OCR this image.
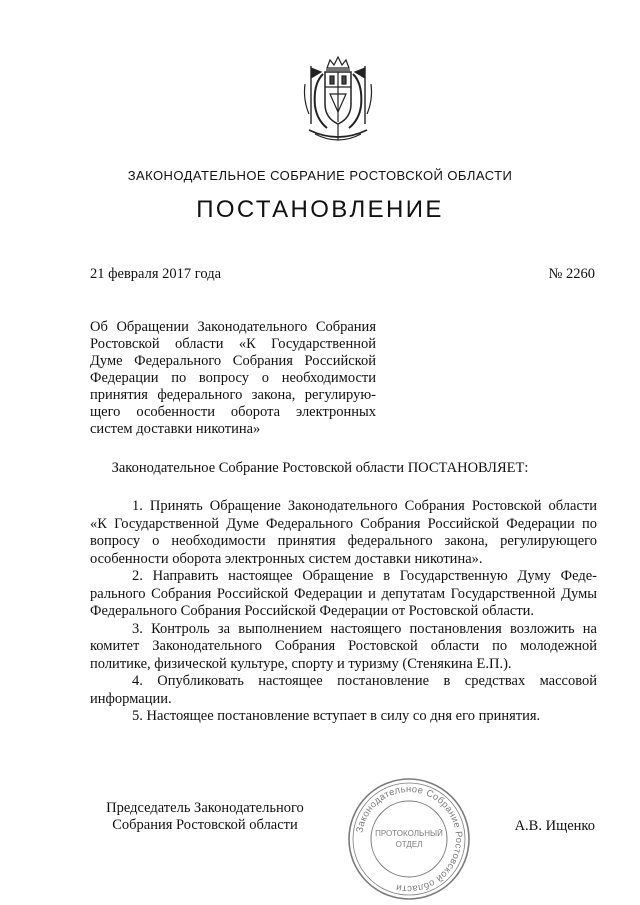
ЗАКОНОДАТЕЛЬНОЕ СОБРАНИЕ РОСТОВСКОЙ ОБЛАСТИ
ПОСТАНОВЛЕНИЕ
21 февраля 2017 года	№ 2260
Об Обращении Законодательного Собрания Ростовской области «К Государственной Думе Федерального Собрания Российской Федерации по вопросу о необходимости принятия федерального закона, регулирующего особенности оборота электронных систем доставки никотина»
Законодательное Собрание Ростовской области ПОСТАНОВЛЯЕТ:

1. Принять Обращение Законодательного Собрания Ростовской области «К Государственной Думе Федерального Собрания Российской Федерации по вопросу о необходимости принятия федерального закона, регулирующего особенности оборота электронных систем доставки никотина».

2. Направить настоящее Обращение в Государственную Думу Федерального Собрания Российской Федерации и депутатам Государственной Думы Федерального Собрания Российской Федерации от Ростовской области.

3. Контроль за выполнением настоящего постановления возложить на комитет Законодательного Собрания Ростовской области по молодежной политике, физической культуре, спорту и туризму (Стенякина Е.П.).

4. Опубликовать настоящее постановление в средствах массовой информации.

5. Настоящее постановление вступает в силу со дня его принятия.

Председатель Законодательного
Собрания Ростовской области	А.В. Ищенко
Законодательное Собрание Ростовской области
ПРОТОКОЛЬНЫЙ
ОТДЕЛ
